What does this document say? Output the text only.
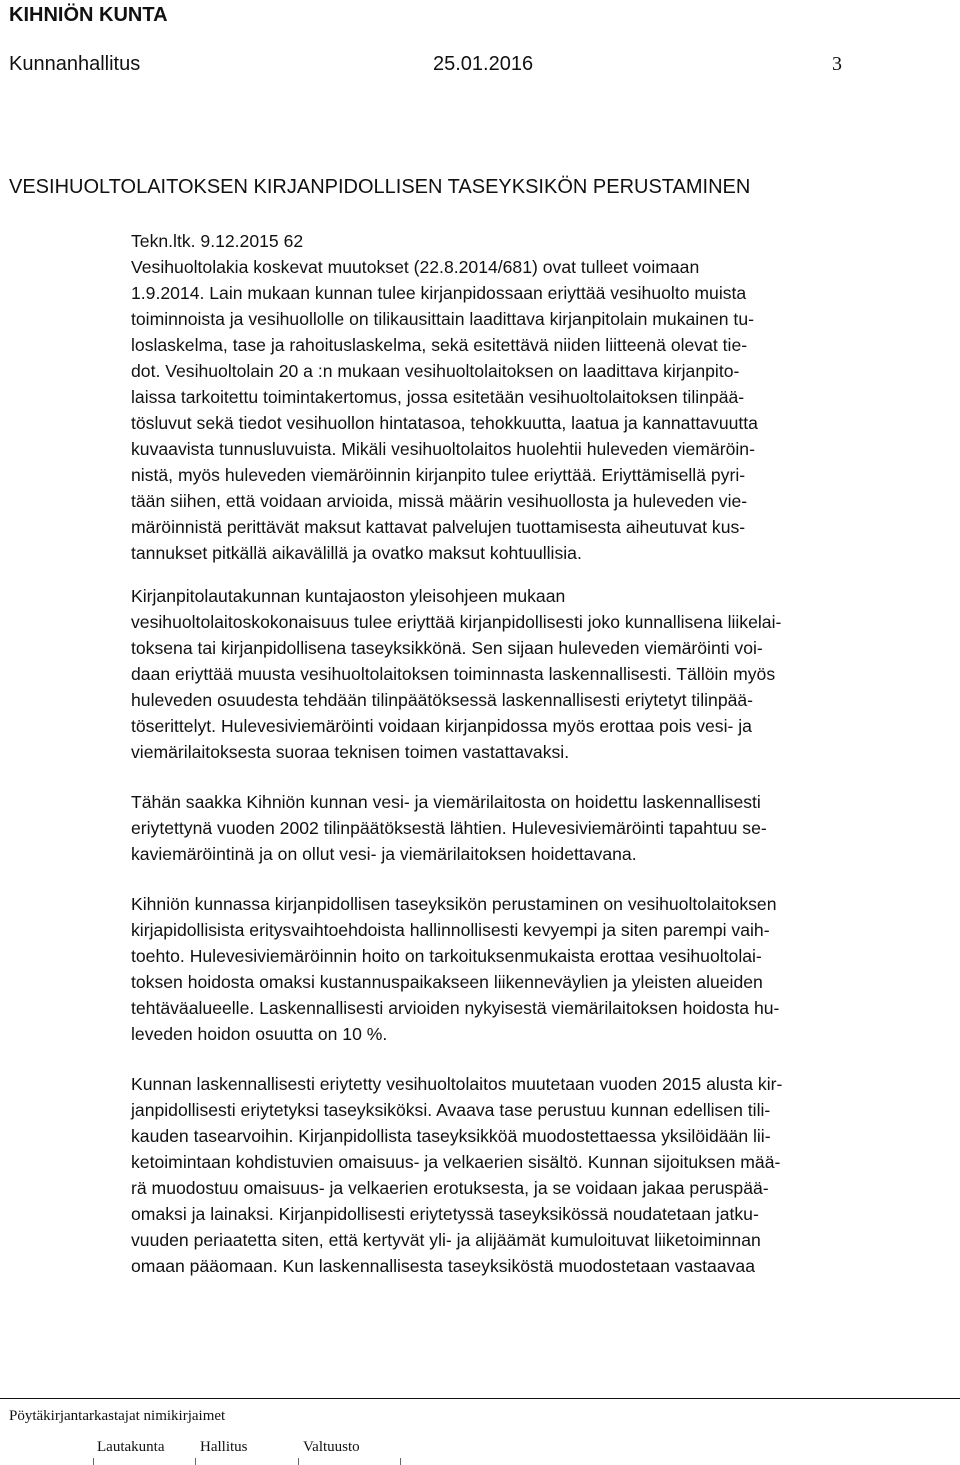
KIHNIÖN KUNTA
Kunnanhallitus	25.01.2016	3
VESIHUOLTOLAITOKSEN KIRJANPIDOLLISEN TASEYKSIKÖN PERUSTAMINEN
Tekn.ltk. 9.12.2015 62
Vesihuoltolakia koskevat muutokset (22.8.2014/681) ovat tulleet voimaan
1.9.2014. Lain mukaan kunnan tulee kirjanpidossaan eriyttää vesihuolto muista
toiminnoista ja vesihuollolle on tilikausittain laadittava kirjanpitolain mukainen tu-
loslaskelma, tase ja rahoituslaskelma, sekä esitettävä niiden liitteenä olevat tie-
dot. Vesihuoltolain 20 a :n mukaan vesihuoltolaitoksen on laadittava kirjanpito-
laissa tarkoitettu toimintakertomus, jossa esitetään vesihuoltolaitoksen tilinpää-
tösluvut sekä tiedot vesihuollon hintatasoa, tehokkuutta, laatua ja kannattavuutta
kuvaavista tunnusluvuista. Mikäli vesihuoltolaitos huolehtii huleveden viemäröin-
nistä, myös huleveden viemäröinnin kirjanpito tulee eriyttää. Eriyttämisellä pyri-
tään siihen, että voidaan arvioida, missä määrin vesihuollosta ja huleveden vie-
märöinnistä perittävät maksut kattavat palvelujen tuottamisesta aiheutuvat kus-
tannukset pitkällä aikavälillä ja ovatko maksut kohtuullisia.
Kirjanpitolautakunnan kuntajaoston yleisohjeen mukaan
vesihuoltolaitoskokonaisuus tulee eriyttää kirjanpidollisesti joko kunnallisena liikelai-
toksena tai kirjanpidollisena taseyksikkönä. Sen sijaan huleveden viemäröinti voi-
daan eriyttää muusta vesihuoltolaitoksen toiminnasta laskennallisesti. Tällöin myös
huleveden osuudesta tehdään tilinpäätöksessä laskennallisesti eriytetyt tilinpää-
töserittelyt. Hulevesiviemäröinti voidaan kirjanpidossa myös erottaa pois vesi- ja
viemärilaitoksesta suoraa teknisen toimen vastattavaksi.
Tähän saakka Kihniön kunnan vesi- ja viemärilaitosta on hoidettu laskennallisesti
eriytettynä vuoden 2002 tilinpäätöksestä lähtien. Hulevesiviemäröinti tapahtuu se-
kaviemäröintinä ja on ollut vesi- ja viemärilaitoksen hoidettavana.
Kihniön kunnassa kirjanpidollisen taseyksikön perustaminen on vesihuoltolaitoksen
kirjapidollisista eritysvaihtoehdoista hallinnollisesti kevyempi ja siten parempi vaih-
toehto. Hulevesiviemäröinnin hoito on tarkoituksenmukaista erottaa vesihuoltolai-
toksen hoidosta omaksi kustannuspaikakseen liikenneväylien ja yleisten alueiden
tehtäväalueelle. Laskennallisesti arvioiden nykyisestä viemärilaitoksen hoidosta hu-
leveden hoidon osuutta on 10 %.
Kunnan laskennallisesti eriytetty vesihuoltolaitos muutetaan vuoden 2015 alusta kir-
janpidollisesti eriytetyksi taseyksiköksi. Avaava tase perustuu kunnan edellisen tili-
kauden tasearvoihin. Kirjanpidollista taseyksikköä muodostettaessa yksilöidään lii-
ketoimintaan kohdistuvien omaisuus- ja velkaerien sisältö. Kunnan sijoituksen mää-
rä muodostuu omaisuus- ja velkaerien erotuksesta, ja se voidaan jakaa peruspää-
omaksi ja lainaksi. Kirjanpidollisesti eriytetyssä taseyksikössä noudatetaan jatku-
vuuden periaatetta siten, että kertyvät yli- ja alijäämät kumuloituvat liiketoiminnan
omaan pääomaan. Kun laskennallisesta taseyksiköstä muodostetaan vastaavaa
Pöytäkirjantarkastajat nimikirjaimet
Lautakunta Hallitus	Valtuusto
